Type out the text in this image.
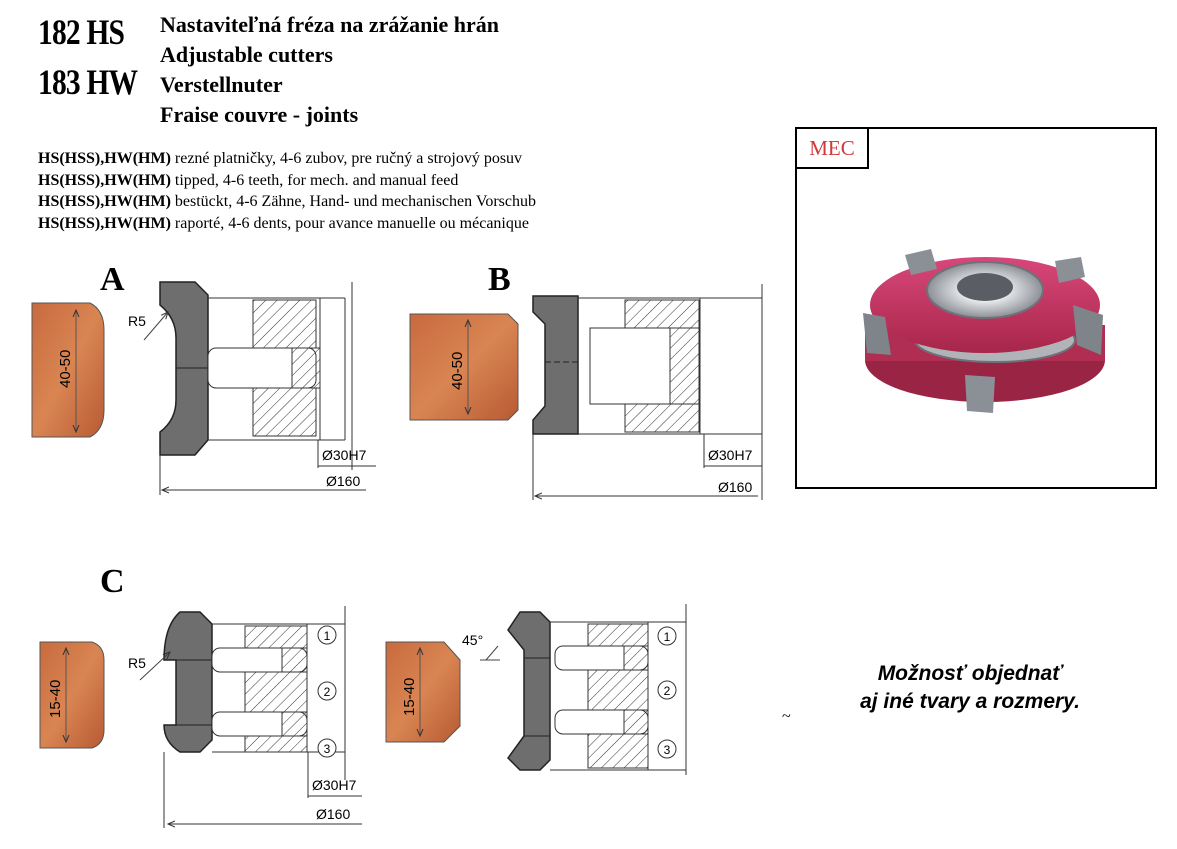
182 HS
183 HW
Nastaviteľná fréza na zrážanie hrán
Adjustable cutters
Verstellnuter
Fraise couvre - joints
HS(HSS),HW(HM) rezné platničky, 4-6 zubov, pre ručný a strojový posuv
HS(HSS),HW(HM) tipped, 4-6 teeth, for mech. and manual feed
HS(HSS),HW(HM) bestückt, 4-6 Zähne, Hand- und mechanischen Vorschub
HS(HSS),HW(HM) raporté, 4-6 dents, pour avance manuelle ou mécanique
A
40-50
R5
Ø30H7
Ø160
B
40-50
Ø30H7
Ø160
C
15-40
R5
1
2
3
Ø30H7
Ø160
15-40
45°	1
2
3
MEC
Možnosť objednať
aj iné tvary a rozmery.
~
